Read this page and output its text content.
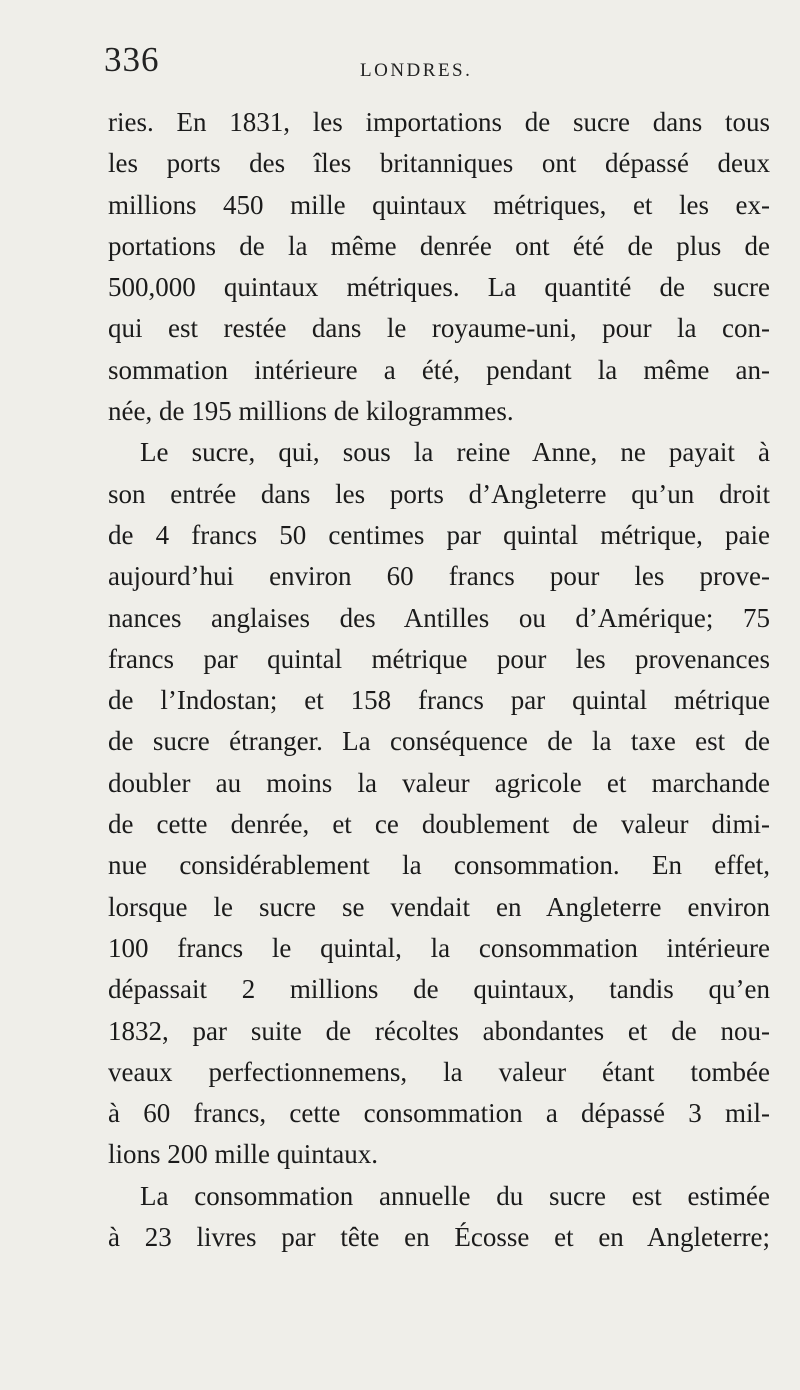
336	LONDRES.
ries. En 1831, les importations de sucre dans tous
les ports des îles britanniques ont dépassé deux
millions 450 mille quintaux métriques, et les ex-
portations de la même denrée ont été de plus de
500,000 quintaux métriques. La quantité de sucre
qui est restée dans le royaume-uni, pour la con-
sommation intérieure a été, pendant la même an-
née, de 195 millions de kilogrammes.
Le sucre, qui, sous la reine Anne, ne payait à
son entrée dans les ports d’Angleterre qu’un droit
de 4 francs 50 centimes par quintal métrique, paie
aujourd’hui environ 60 francs pour les prove-
nances anglaises des Antilles ou d’Amérique; 75
francs par quintal métrique pour les provenances
de l’Indostan; et 158 francs par quintal métrique
de sucre étranger. La conséquence de la taxe est de
doubler au moins la valeur agricole et marchande
de cette denrée, et ce doublement de valeur dimi-
nue considérablement la consommation. En effet,
lorsque le sucre se vendait en Angleterre environ
100 francs le quintal, la consommation intérieure
dépassait 2 millions de quintaux, tandis qu’en
1832, par suite de récoltes abondantes et de nou-
veaux perfectionnemens, la valeur étant tombée
à 60 francs, cette consommation a dépassé 3 mil-
lions 200 mille quintaux.
La consommation annuelle du sucre est estimée
à 23 livres par tête en Écosse et en Angleterre;
